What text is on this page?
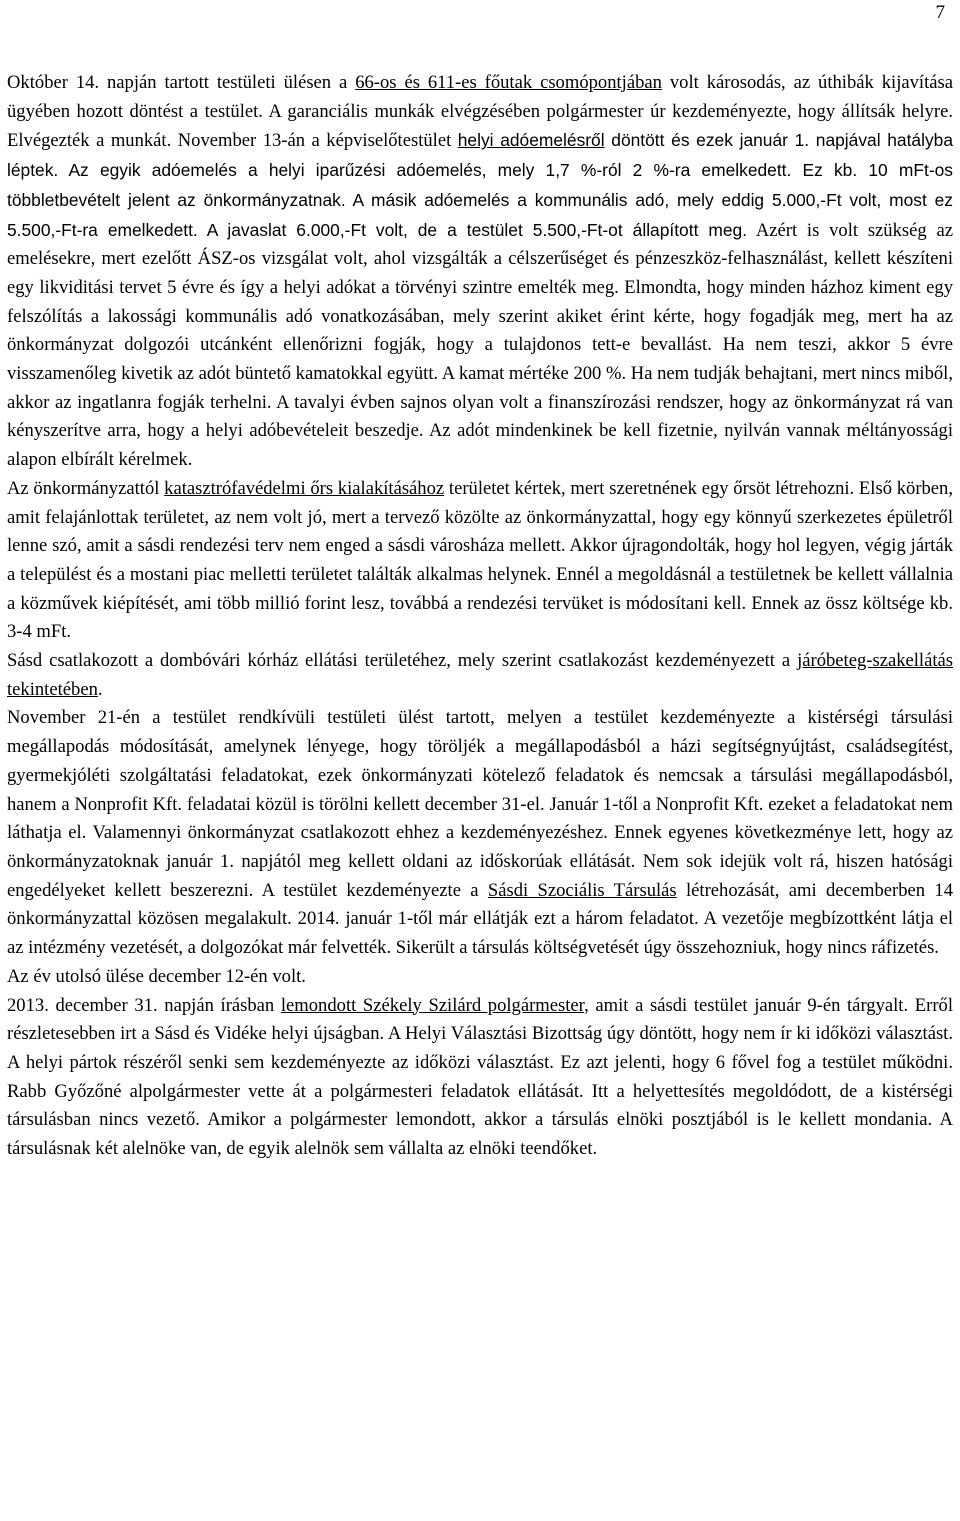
7

Október 14. napján tartott testületi ülésen a 66-os és 611-es főutak csomópontjában volt károsodás, az úthibák kijavítása ügyében hozott döntést a testület. A garanciális munkák elvégzésében polgármester úr kezdeményezte, hogy állítsák helyre. Elvégezték a munkát. November 13-án a képviselőtestület helyi adóemelésről döntött és ezek január 1. napjával hatályba léptek. Az egyik adóemelés a helyi iparűzési adóemelés, mely 1,7 %-ról 2 %-ra emelkedett. Ez kb. 10 mFt-os többletbevételt jelent az önkormányzatnak. A másik adóemelés a kommunális adó, mely eddig 5.000,-Ft volt, most ez 5.500,-Ft-ra emelkedett. A javaslat 6.000,-Ft volt, de a testület 5.500,-Ft-ot állapított meg. Azért is volt szükség az emelésekre, mert ezelőtt ÁSZ-os vizsgálat volt, ahol vizsgálták a célszerűséget és pénzeszköz-felhasználást, kellett készíteni egy likviditási tervet 5 évre és így a helyi adókat a törvényi szintre emelték meg. Elmondta, hogy minden házhoz kiment egy felszólítás a lakossági kommunális adó vonatkozásában, mely szerint akiket érint kérte, hogy fogadják meg, mert ha az önkormányzat dolgozói utcánként ellenőrizni fogják, hogy a tulajdonos tett-e bevallást. Ha nem teszi, akkor 5 évre visszamenőleg kivetik az adót büntető kamatokkal együtt. A kamat mértéke 200 %. Ha nem tudják behajtani, mert nincs miből, akkor az ingatlanra fogják terhelni. A tavalyi évben sajnos olyan volt a finanszírozási rendszer, hogy az önkormányzat rá van kényszerítve arra, hogy a helyi adóbevételeit beszedje. Az adót mindenkinek be kell fizetnie, nyilván vannak méltányossági alapon elbírált kérelmek.

Az önkormányzattól katasztrófavédelmi őrs kialakításához területet kértek, mert szeretnének egy őrsöt létrehozni. Első körben, amit felajánlottak területet, az nem volt jó, mert a tervező közölte az önkormányzattal, hogy egy könnyű szerkezetes épületről lenne szó, amit a sásdi rendezési terv nem enged a sásdi városháza mellett. Akkor újragondolták, hogy hol legyen, végig járták a települést és a mostani piac melletti területet találták alkalmas helynek. Ennél a megoldásnál a testületnek be kellett vállalnia a közművek kiépítését, ami több millió forint lesz, továbbá a rendezési tervüket is módosítani kell. Ennek az össz költsége kb. 3-4 mFt.

Sásd csatlakozott a dombóvári kórház ellátási területéhez, mely szerint csatlakozást kezdeményezett a járóbeteg-szakellátás tekintetében.

November 21-én a testület rendkívüli testületi ülést tartott, melyen a testület kezdeményezte a kistérségi társulási megállapodás módosítását, amelynek lényege, hogy töröljék a megállapodásból a házi segítségnyújtást, családsegítést, gyermekjóléti szolgáltatási feladatokat, ezek önkormányzati kötelező feladatok és nemcsak a társulási megállapodásból, hanem a Nonprofit Kft. feladatai közül is törölni kellett december 31-el. Január 1-től a Nonprofit Kft. ezeket a feladatokat nem láthatja el. Valamennyi önkormányzat csatlakozott ehhez a kezdeményezéshez. Ennek egyenes következménye lett, hogy az önkormányzatoknak január 1. napjától meg kellett oldani az időskorúak ellátását. Nem sok idejük volt rá, hiszen hatósági engedélyeket kellett beszerezni. A testület kezdeményezte a Sásdi Szociális Társulás létrehozását, ami decemberben 14 önkormányzattal közösen megalakult. 2014. január 1-től már ellátják ezt a három feladatot. A vezetője megbízottként látja el az intézmény vezetését, a dolgozókat már felvették. Sikerült a társulás költségvetését úgy összehozniuk, hogy nincs ráfizetés.

Az év utolsó ülése december 12-én volt.

2013. december 31. napján írásban lemondott Székely Szilárd polgármester, amit a sásdi testület január 9-én tárgyalt. Erről részletesebben irt a Sásd és Vidéke helyi újságban. A Helyi Választási Bizottság úgy döntött, hogy nem ír ki időközi választást. A helyi pártok részéről senki sem kezdeményezte az időközi választást. Ez azt jelenti, hogy 6 fővel fog a testület működni. Rabb Győzőné alpolgármester vette át a polgármesteri feladatok ellátását. Itt a helyettesítés megoldódott, de a kistérségi társulásban nincs vezető. Amikor a polgármester lemondott, akkor a társulás elnöki posztjából is le kellett mondania. A társulásnak két alelnöke van, de egyik alelnök sem vállalta az elnöki teendőket.
